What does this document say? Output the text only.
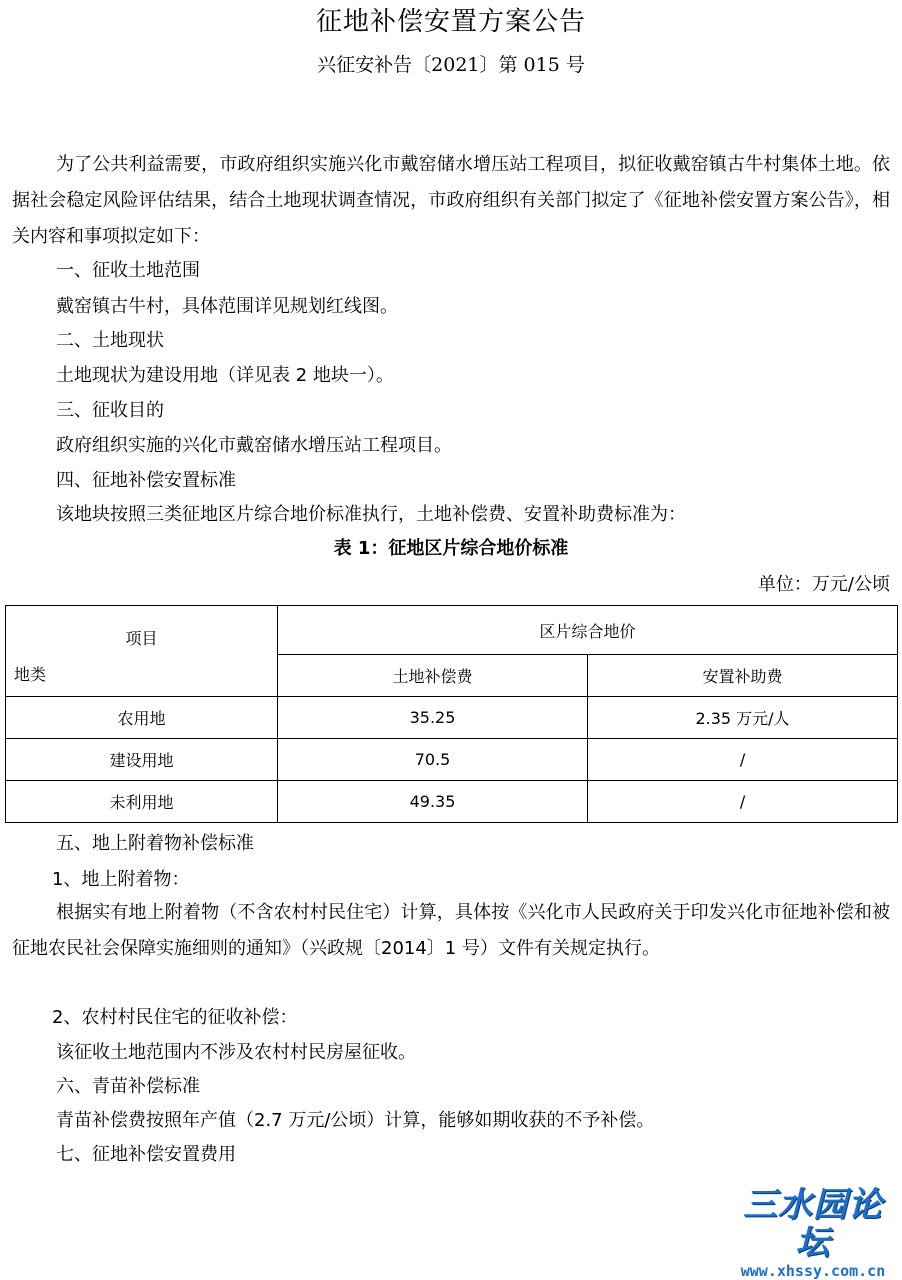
征地补偿安置方案公告
兴征安补告〔2021〕第 015 号
为了公共利益需要，市政府组织实施兴化市戴窑储水增压站工程项目，拟征收戴窑镇古牛村集体土地。依据社会稳定风险评估结果，结合土地现状调查情况，市政府组织有关部门拟定了《征地补偿安置方案公告》，相关内容和事项拟定如下：
一、征收土地范围
戴窑镇古牛村，具体范围详见规划红线图。
二、土地现状
土地现状为建设用地（详见表 2 地块一）。
三、征收目的
政府组织实施的兴化市戴窑储水增压站工程项目。
四、征地补偿安置标准
该地块按照三类征地区片综合地价标准执行，土地补偿费、安置补助费标准为：
表 1：征地区片综合地价标准
单位：万元/公顷
项目
地类	区片综合地价	
	土地补偿费	安置补助费
农用地	35.25	2.35 万元/人
建设用地	70.5	/
未利用地	49.35	/
五、地上附着物补偿标准
1、地上附着物：
根据实有地上附着物（不含农村村民住宅）计算，具体按《兴化市人民政府关于印发兴化市征地补偿和被征地农民社会保障实施细则的通知》（兴政规〔2014〕1 号）文件有关规定执行。
2、农村村民住宅的征收补偿：
该征收土地范围内不涉及农村村民房屋征收。
六、青苗补偿标准
青苗补偿费按照年产值（2.7 万元/公顷）计算，能够如期收获的不予补偿。
七、征地补偿安置费用
三水园论坛
www.xhssy.com.cn
